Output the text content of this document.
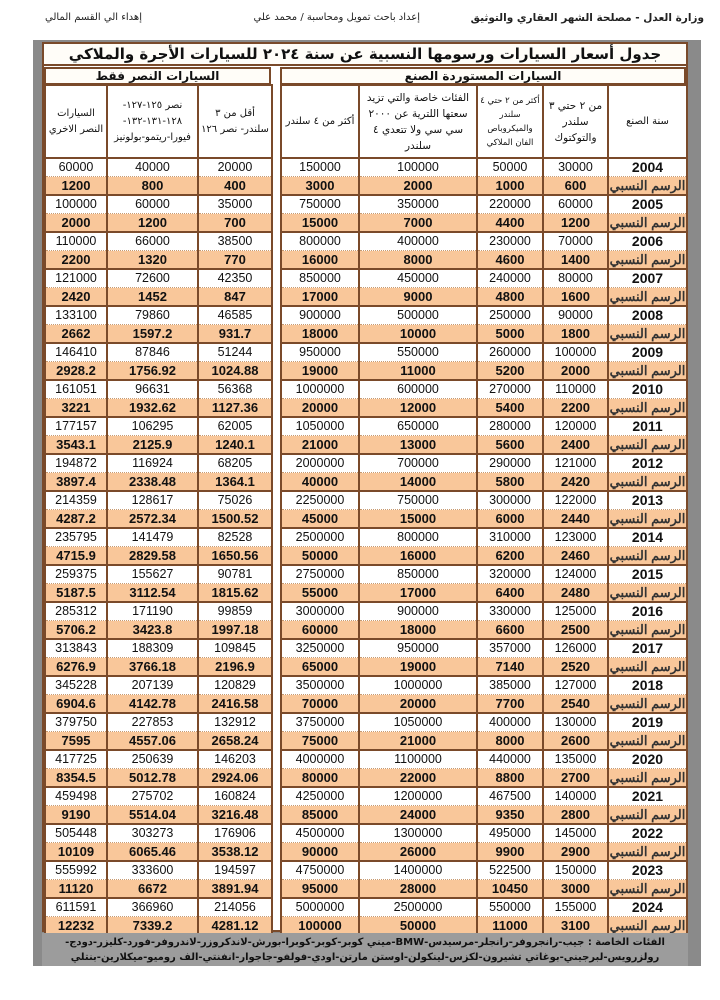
وزارة العدل - مصلحة الشهر العقاري والتوثيق
إعداد باحث تمويل ومحاسبة / محمد علي
إهداء الي القسم المالي
جدول أسعار السيارات ورسومها النسبية عن سنة ٢٠٢٤ للسيارات الأجرة والملاكي
السيارات النصر فقط	السيارات المستوردة الصنع
السيارات النصر الاخري	نصر ١٢٥-١٢٧- ١٢٨-١٣١-١٣٢- فيورا-ريتمو-بولونيز	أقل من ٣ سلندر- نصر ١٢٦
60000	40000	20000
1200	800	400
100000	60000	35000
2000	1200	700
110000	66000	38500
2200	1320	770
121000	72600	42350
2420	1452	847
133100	79860	46585
2662	1597.2	931.7
146410	87846	51244
2928.2	1756.92	1024.88
161051	96631	56368
3221	1932.62	1127.36
177157	106295	62005
3543.1	2125.9	1240.1
194872	116924	68205
3897.4	2338.48	1364.1
214359	128617	75026
4287.2	2572.34	1500.52
235795	141479	82528
4715.9	2829.58	1650.56
259375	155627	90781
5187.5	3112.54	1815.62
285312	171190	99859
5706.2	3423.8	1997.18
313843	188309	109845
6276.9	3766.18	2196.9
345228	207139	120829
6904.6	4142.78	2416.58
379750	227853	132912
7595	4557.06	2658.24
417725	250639	146203
8354.5	5012.78	2924.06
459498	275702	160824
9190	5514.04	3216.48
505448	303273	176906
10109	6065.46	3538.12
555992	333600	194597
11120	6672	3891.94
611591	366960	214056
12232	7339.2	4281.12
أكثر من ٤ سلندر	الفئات خاصة والتي تزيد سعتها اللترية عن ٢٠٠٠ سي سي ولا تتعدي ٤ سلندر	أكثر من ٢ حتي ٤ سلندر والميكروباص الفان الملاكي	من ٢ حتي ٣ سلندر والتوكتوك	سنة الصنع
150000	100000	50000	30000	2004
3000	2000	1000	600	الرسم النسبي
750000	350000	220000	60000	2005
15000	7000	4400	1200	الرسم النسبي
800000	400000	230000	70000	2006
16000	8000	4600	1400	الرسم النسبي
850000	450000	240000	80000	2007
17000	9000	4800	1600	الرسم النسبي
900000	500000	250000	90000	2008
18000	10000	5000	1800	الرسم النسبي
950000	550000	260000	100000	2009
19000	11000	5200	2000	الرسم النسبي
1000000	600000	270000	110000	2010
20000	12000	5400	2200	الرسم النسبي
1050000	650000	280000	120000	2011
21000	13000	5600	2400	الرسم النسبي
2000000	700000	290000	121000	2012
40000	14000	5800	2420	الرسم النسبي
2250000	750000	300000	122000	2013
45000	15000	6000	2440	الرسم النسبي
2500000	800000	310000	123000	2014
50000	16000	6200	2460	الرسم النسبي
2750000	850000	320000	124000	2015
55000	17000	6400	2480	الرسم النسبي
3000000	900000	330000	125000	2016
60000	18000	6600	2500	الرسم النسبي
3250000	950000	357000	126000	2017
65000	19000	7140	2520	الرسم النسبي
3500000	1000000	385000	127000	2018
70000	20000	7700	2540	الرسم النسبي
3750000	1050000	400000	130000	2019
75000	21000	8000	2600	الرسم النسبي
4000000	1100000	440000	135000	2020
80000	22000	8800	2700	الرسم النسبي
4250000	1200000	467500	140000	2021
85000	24000	9350	2800	الرسم النسبي
4500000	1300000	495000	145000	2022
90000	26000	9900	2900	الرسم النسبي
4750000	1400000	522500	150000	2023
95000	28000	10450	3000	الرسم النسبي
5000000	2500000	550000	155000	2024
100000	50000	11000	3100	الرسم النسبي
الفئات الخاصة : جيب-رانجروفر-رانجلر-مرسيدس-BMW-ميني كوبر-كوبر-كوبرا-بورش-لاندكروزر-لاندروفر-فورد-كليزر-دودج-
رولزرويس-لبرجيني-بوغاتي تشيرون-لكزس-لينكولن-اوستن مارتن-اودي-فولفو-جاجوار-انفنتي-الف روميو-ميكلارين-بنتلي
